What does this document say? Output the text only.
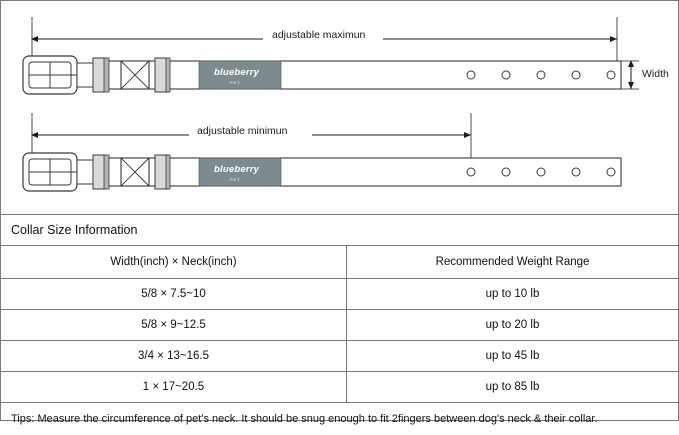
adjustable maximun
adjustable minimun
Width
blueberry
PET
blueberry
PET
Collar Size Information
Width(inch) × Neck(inch)	Recommended Weight Range
5/8 × 7.5~10	up to 10 lb
5/8 × 9~12.5	up to 20 lb
3/4 × 13~16.5	up to 45 lb
1 × 17~20.5	up to 85 lb
Tips: Measure the circumference of pet's neck. It should be snug enough to fit 2fingers between dog's neck & their collar.
